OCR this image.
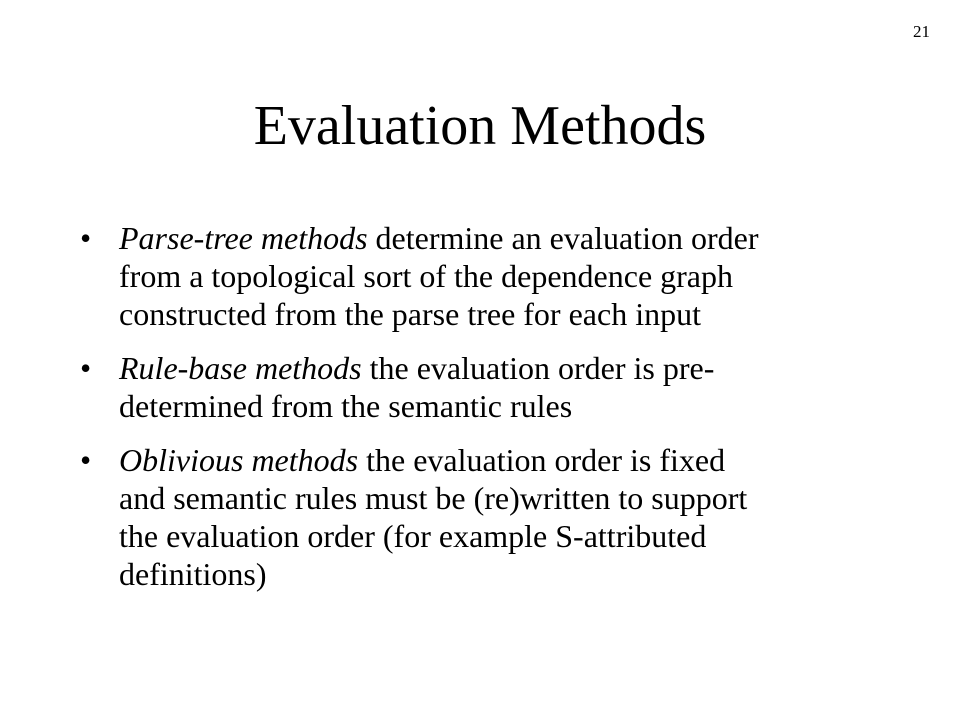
21
Evaluation Methods
• Parse-tree methods determine an evaluation order
from a topological sort of the dependence graph
constructed from the parse tree for each input
• Rule-base methods the evaluation order is pre-
determined from the semantic rules
• Oblivious methods the evaluation order is fixed
and semantic rules must be (re)written to support
the evaluation order (for example S-attributed
definitions)
